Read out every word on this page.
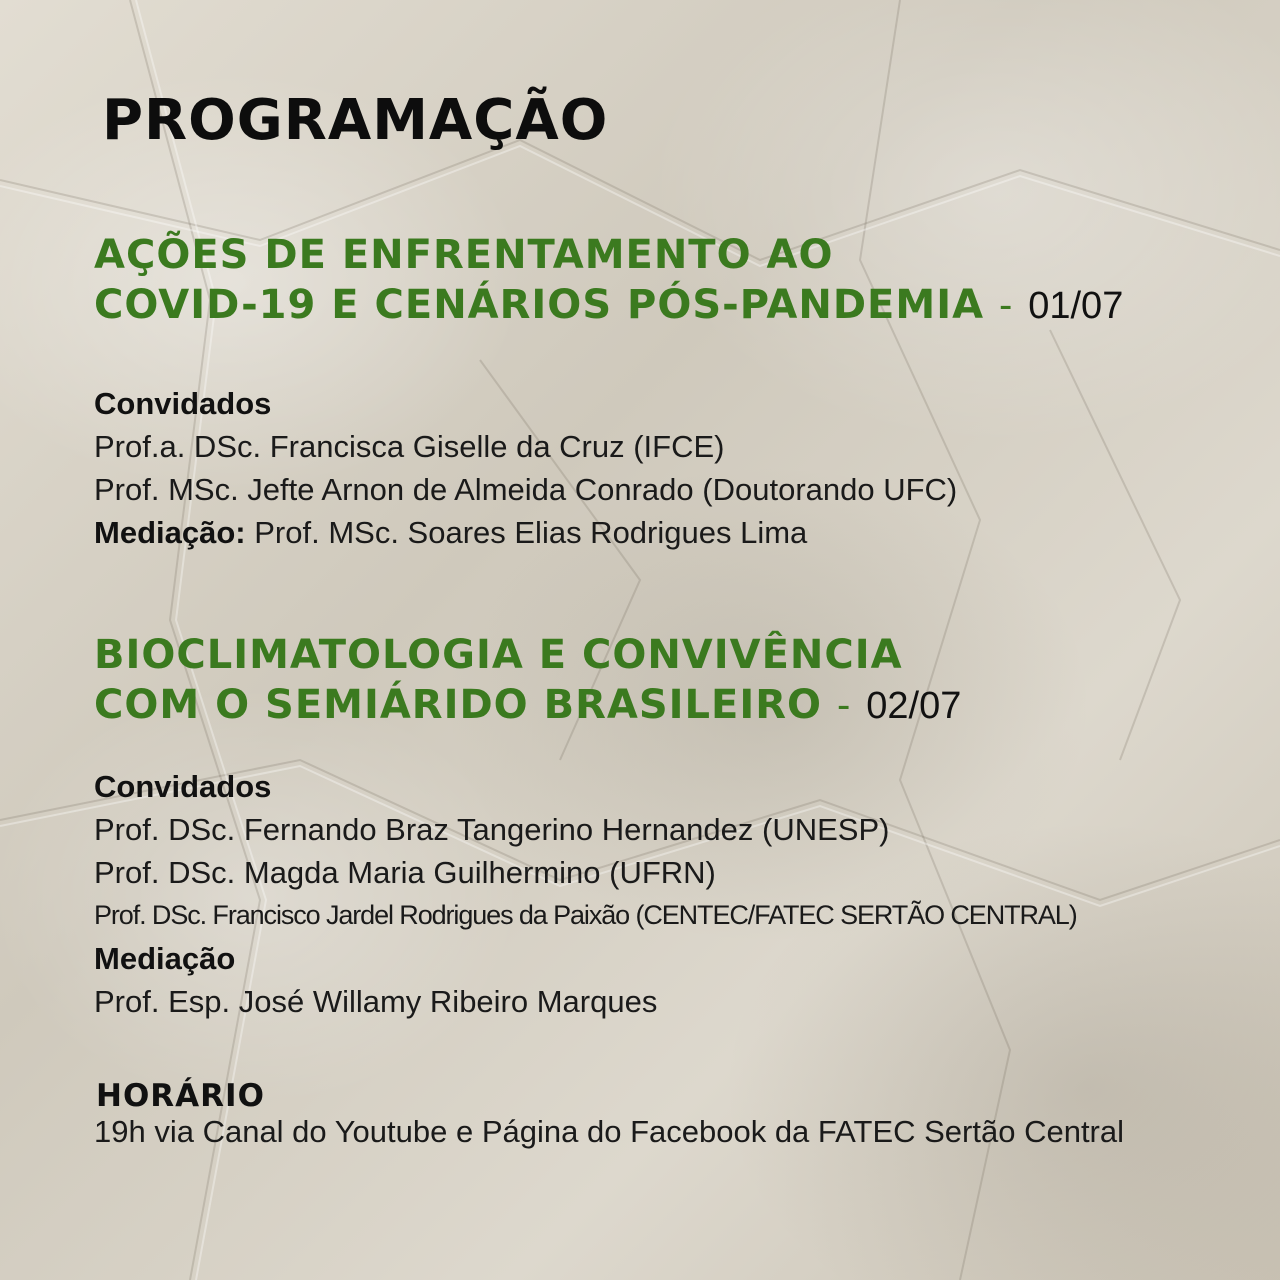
PROGRAMAÇÃO
AÇÕES DE ENFRENTAMENTO AO
COVID-19 E CENÁRIOS PÓS-PANDEMIA - 01/07
Convidados
Prof.a. DSc. Francisca Giselle da Cruz (IFCE)
Prof. MSc. Jefte Arnon de Almeida Conrado (Doutorando UFC)
Mediação: Prof. MSc. Soares Elias Rodrigues Lima
BIOCLIMATOLOGIA E CONVIVÊNCIA
COM O SEMIÁRIDO BRASILEIRO - 02/07
Convidados
Prof. DSc. Fernando Braz Tangerino Hernandez (UNESP)
Prof. DSc. Magda Maria Guilhermino (UFRN)
Prof. DSc. Francisco Jardel Rodrigues da Paixão (CENTEC/FATEC SERTÃO CENTRAL)
Mediação
Prof. Esp. José Willamy Ribeiro Marques
HORÁRIO
19h via Canal do Youtube e Página do Facebook da FATEC Sertão Central
